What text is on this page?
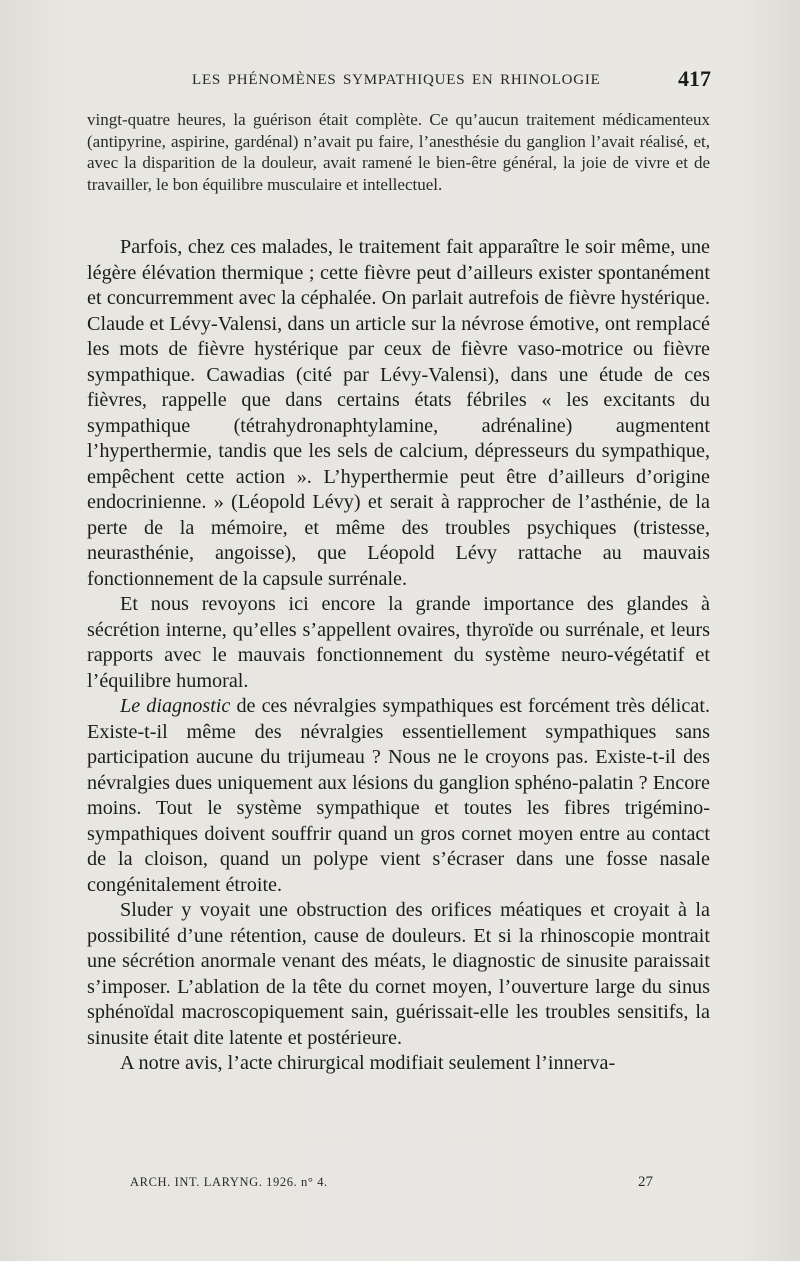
LES PHÉNOMÈNES SYMPATHIQUES EN RHINOLOGIE	417
vingt-quatre heures, la guérison était complète. Ce qu’aucun traitement médicamenteux (antipyrine, aspirine, gardénal) n’avait pu faire, l’anesthésie du ganglion l’avait réalisé, et, avec la disparition de la douleur, avait ramené le bien-être général, la joie de vivre et de travailler, le bon équilibre musculaire et intellectuel.

Parfois, chez ces malades, le traitement fait apparaître le soir même, une légère élévation thermique ; cette fièvre peut d’ailleurs exister spontanément et concurremment avec la céphalée. On parlait autrefois de fièvre hystérique. Claude et Lévy-Valensi, dans un article sur la névrose émotive, ont remplacé les mots de fièvre hystérique par ceux de fièvre vaso-motrice ou fièvre sympathique. Cawadias (cité par Lévy-Valensi), dans une étude de ces fièvres, rappelle que dans certains états fébriles « les excitants du sympathique (tétrahydronaphtylamine, adrénaline) augmentent l’hyperthermie, tandis que les sels de calcium, dépresseurs du sympathique, empêchent cette action ». L’hyperthermie peut être d’ailleurs d’origine endocrinienne. » (Léopold Lévy) et serait à rapprocher de l’asthénie, de la perte de la mémoire, et même des troubles psychiques (tristesse, neurasthénie, angoisse), que Léopold Lévy rattache au mauvais fonctionnement de la capsule surrénale.

Et nous revoyons ici encore la grande importance des glandes à sécrétion interne, qu’elles s’appellent ovaires, thyroïde ou surrénale, et leurs rapports avec le mauvais fonctionnement du système neuro-végétatif et l’équilibre humoral.

Le diagnostic de ces névralgies sympathiques est forcément très délicat. Existe-t-il même des névralgies essentiellement sympathiques sans participation aucune du trijumeau ? Nous ne le croyons pas. Existe-t-il des névralgies dues uniquement aux lésions du ganglion sphéno-palatin ? Encore moins. Tout le système sympathique et toutes les fibres trigémino-sympathiques doivent souffrir quand un gros cornet moyen entre au contact de la cloison, quand un polype vient s’écraser dans une fosse nasale congénitalement étroite.

Sluder y voyait une obstruction des orifices méatiques et croyait à la possibilité d’une rétention, cause de douleurs. Et si la rhinoscopie montrait une sécrétion anormale venant des méats, le diagnostic de sinusite paraissait s’imposer. L’ablation de la tête du cornet moyen, l’ouverture large du sinus sphénoïdal macroscopiquement sain, guérissait-elle les troubles sensitifs, la sinusite était dite latente et postérieure.

A notre avis, l’acte chirurgical modifiait seulement l’innerva-

ARCH. INT. LARYNG. 1926. n° 4.	27
